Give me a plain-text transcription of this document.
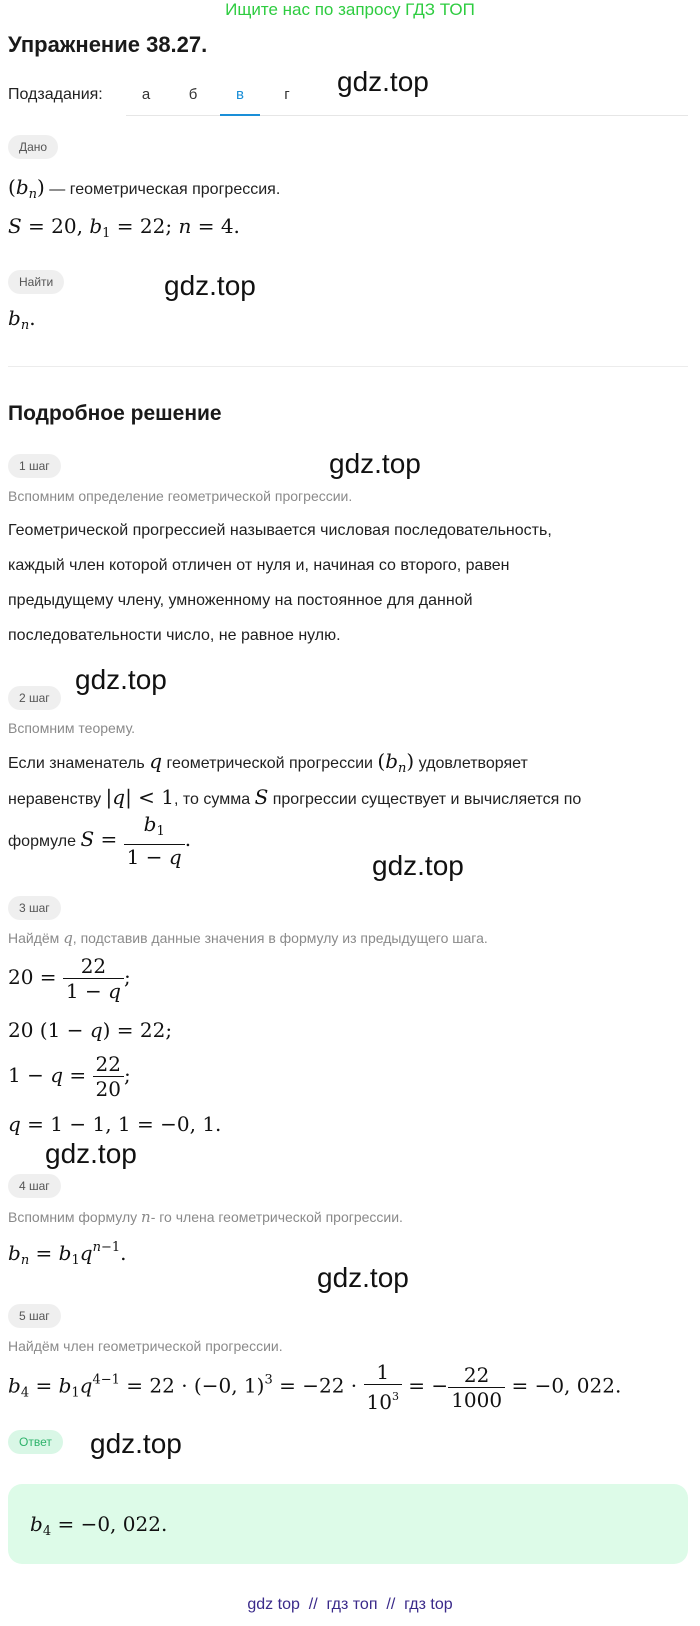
Ищите нас по запросу ГДЗ ТОП
Упражнение 38.27.
Подзадания:	а	б	в	г	gdz.top
gdz.top
gdz.top
gdz.top
gdz.top
gdz.top
gdz.top
gdz.top
Дано
$(b_n)$ — геометрическая прогрессия.
S = 20, $b_1 = 22$; n = 4.
Найти
$b_n$.
Подробное решение
1 шаг
Вспомним определение геометрической прогрессии.
Геометрической прогрессией называется числовая последовательность,
каждый член которой отличен от нуля и, начиная со второго, равен
предыдущему члену, умноженному на постоянное для данной
последовательности число, не равное нулю.
2 шаг
Вспомним теорему.
Если знаменатель q геометрической прогрессии $(b_n)$ удовлетворяет
неравенству |q| < 1, то сумма S прогрессии существует и вычисляется по
формуле $S = \frac{b_1}{1 - q}$ .
3 шаг
Найдём q, подставив данные значения в формулу из предыдущего шага.
$20 = \frac{22}{1 - q}$ ;
20 (1 − q) = 22;
$1 - q = \frac{22}{20}$ ;
q = 1 − 1, 1 = −0, 1.
4 шаг
Вспомним формулу n- го члена геометрической прогрессии.
$b_n = b_1q^{n-1}$.
5 шаг
Найдём член геометрической прогрессии.
$b_4 = b_1q^{4-1} = 22 \cdot (-0$, $1)^3 = -22 \cdot \frac{1}{10^3}$ = − $\frac{22}{1000} = -0$, 022.
Ответ
$b_4 = -0$, 022.
gdz top  //  гдз топ  //  гдз top
